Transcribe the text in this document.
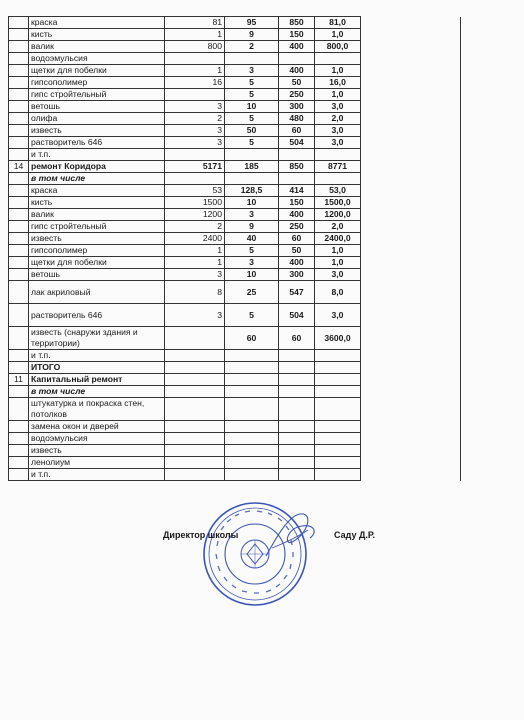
	краска	81	95	850	81,0	
	кисть	1	9	150	1,0	
	валик	800	2	400	800,0	
	водоэмульсия					
	щетки для побелки	1	3	400	1,0	
	гипсополимер	16	5	50	16,0	
	гипс стройтельный		5	250	1,0	
	ветошь	3	10	300	3,0	
	олифа	2	5	480	2,0	
	известь	3	50	60	3,0	
	растворитель 646	3	5	504	3,0	
	и т.п.					
14	ремонт Коридора	5171	185	850	8771	
	в том числе					
	краска	53	128,5	414	53,0	
	кисть	1500	10	150	1500,0	
	валик	1200	3	400	1200,0	
	гипс стройтельный	2	9	250	2,0	
	известь	2400	40	60	2400,0	
	гипсополимер	1	5	50	1,0	
	щетки для побелки	1	3	400	1,0	
	ветошь	3	10	300	3,0	
	лак акриловый	8	25	547	8,0	
	растворитель 646	3	5	504	3,0	
	известь (снаружи здания и территории)		60	60	3600,0	
	и т.п.					
	ИТОГО					
11	Капитальный ремонт					
	в том числе					
	штукатурка и покраска стен, потолков					
	замена окон и дверей					
	водоэмульсия					
	известь					
	ленолиум					
	и т.п.					
Директор школы	Саду Д.Р.
